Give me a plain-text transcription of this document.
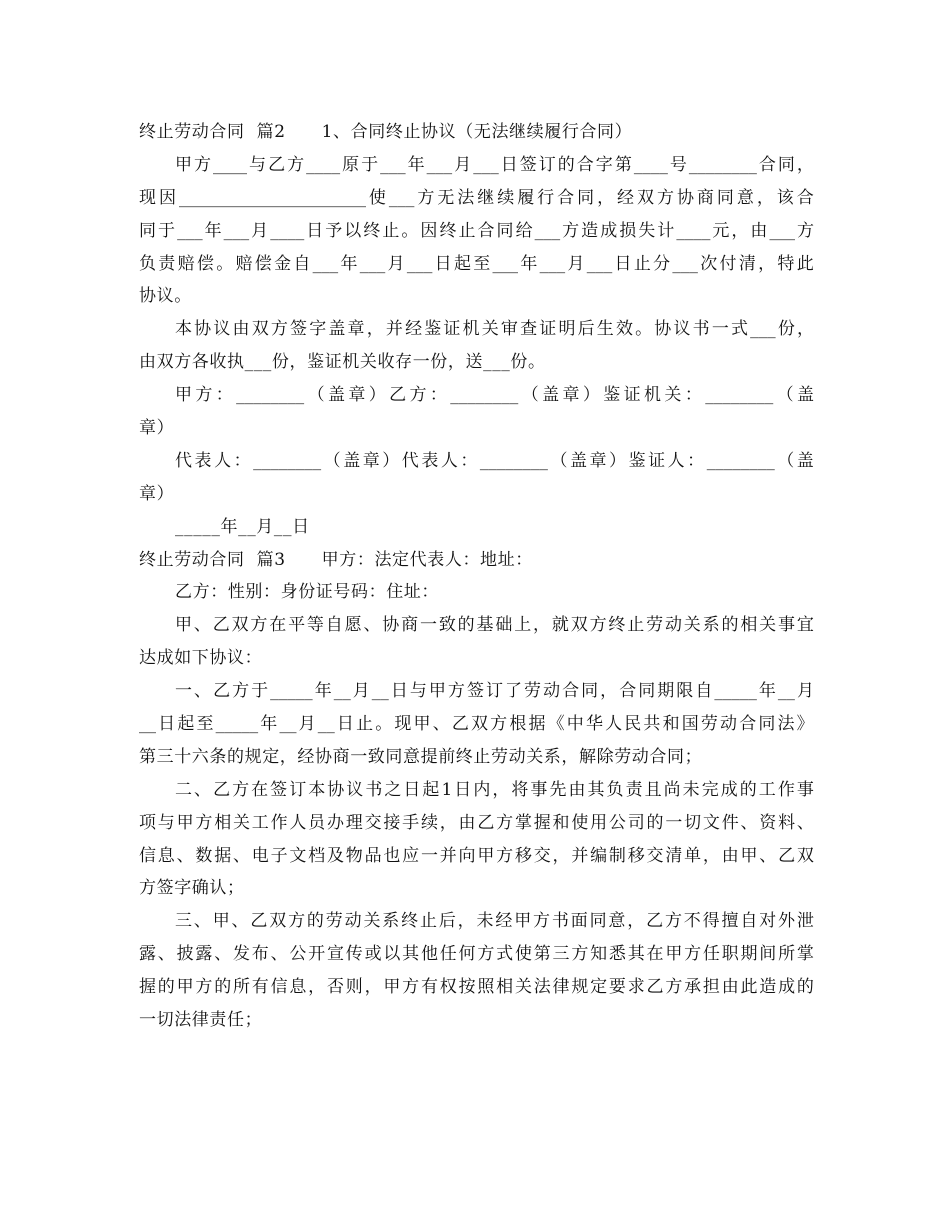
终止劳动合同  篇2      1、合同终止协议（无法继续履行合同）
甲 方 ____ 与 乙 方 ____ 原 于 ___ 年 ___ 月 ___ 日 签 订 的 合 字 第 ____ 号 ________ 合 同 ，
现 因 ______________________ 使 ___ 方 无 法 继 续 履 行 合 同 ， 经 双 方 协 商 同 意 ， 该 合
同 于 ___ 年 ___ 月 ____ 日 予 以 终 止 。 因 终 止 合 同 给 ___ 方 造 成 损 失 计 ____ 元 ， 由 ___ 方
负 责 赔 偿 。 赔 偿 金 自 ___ 年 ___ 月 ___ 日 起 至 ___ 年 ___ 月 ___ 日 止 分 ___ 次 付 清 ， 特 此
协议。
本 协 议 由 双 方 签 字 盖 章 ， 并 经 鉴 证 机 关 审 查 证 明 后 生 效 。 协 议 书 一 式 ___ 份 ，
由双方各收执___份，鉴证机关收存一份，送___份。
甲 方 ： ________ （ 盖 章 ） 乙 方 ： ________ （ 盖 章 ） 鉴 证 机 关 ： ________ （ 盖
章）
代 表 人 ： ________ （ 盖 章 ） 代 表 人 ： ________ （ 盖 章 ） 鉴 证 人 ： ________ （ 盖
章）
_____年__月__日
终止劳动合同  篇3      甲方：法定代表人：地址：
乙方：性别：身份证号码：住址：
甲 、 乙 双 方 在 平 等 自 愿 、 协 商 一 致 的 基 础 上 ， 就 双 方 终 止 劳 动 关 系 的 相 关 事 宜
达成如下协议：
一 、 乙 方 于 _____ 年 __ 月 __ 日 与 甲 方 签 订 了 劳 动 合 同 ， 合 同 期 限 自 _____ 年 __ 月
__ 日 起 至 _____ 年 __ 月 __ 日 止 。 现 甲 、 乙 双 方 根 据 《 中 华 人 民 共 和 国 劳 动 合 同 法 》
第三十六条的规定，经协商一致同意提前终止劳动关系，解除劳动合同；
二 、 乙 方 在 签 订 本 协 议 书 之 日 起 1 日 内 ， 将 事 先 由 其 负 责 且 尚 未 完 成 的 工 作 事
项 与 甲 方 相 关 工 作 人 员 办 理 交 接 手 续 ， 由 乙 方 掌 握 和 使 用 公 司 的 一 切 文 件 、 资 料 、
信 息 、 数 据 、 电 子 文 档 及 物 品 也 应 一 并 向 甲 方 移 交 ， 并 编 制 移 交 清 单 ， 由 甲 、 乙 双
方签字确认；
三 、 甲 、 乙 双 方 的 劳 动 关 系 终 止 后 ， 未 经 甲 方 书 面 同 意 ， 乙 方 不 得 擅 自 对 外 泄
露 、 披 露 、 发 布 、 公 开 宣 传 或 以 其 他 任 何 方 式 使 第 三 方 知 悉 其 在 甲 方 任 职 期 间 所 掌
握 的 甲 方 的 所 有 信 息 ， 否 则 ， 甲 方 有 权 按 照 相 关 法 律 规 定 要 求 乙 方 承 担 由 此 造 成 的
一切法律责任；
